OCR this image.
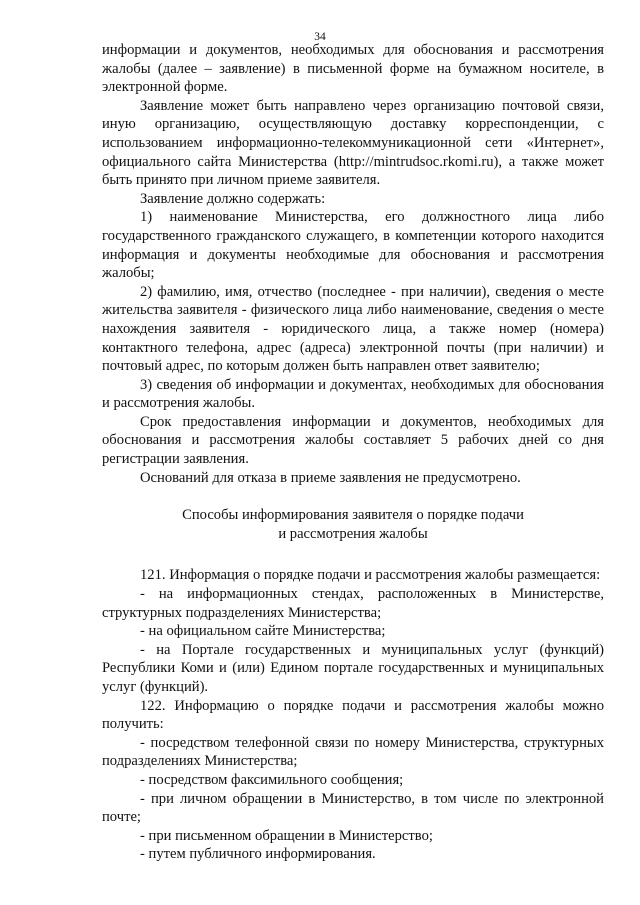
34

информации и документов, необходимых для обоснования и рассмотрения жалобы (далее – заявление) в письменной форме на бумажном носителе, в электронной форме.

Заявление может быть направлено через организацию почтовой связи, иную организацию, осуществляющую доставку корреспонденции, с использованием информационно-телекоммуникационной сети «Интернет», официального сайта Министерства (http://mintrudsoc.rkomi.ru), а также может быть принято при личном приеме заявителя.

Заявление должно содержать:

1) наименование Министерства, его должностного лица либо государственного гражданского служащего, в компетенции которого находится информация и документы необходимые для обоснования и рассмотрения жалобы;

2) фамилию, имя, отчество (последнее - при наличии), сведения о месте жительства заявителя - физического лица либо наименование, сведения о месте нахождения заявителя - юридического лица, а также номер (номера) контактного телефона, адрес (адреса) электронной почты (при наличии) и почтовый адрес, по которым должен быть направлен ответ заявителю;

3) сведения об информации и документах, необходимых для обоснования и рассмотрения жалобы.

Срок предоставления информации и документов, необходимых для обоснования и рассмотрения жалобы составляет 5 рабочих дней со дня регистрации заявления.

Оснований для отказа в приеме заявления не предусмотрено.

Способы информирования заявителя о порядке подачи
и рассмотрения жалобы

121. Информация о порядке подачи и рассмотрения жалобы размещается:

- на информационных стендах, расположенных в Министерстве, структурных подразделениях Министерства;

- на официальном сайте Министерства;

- на Портале государственных и муниципальных услуг (функций) Республики Коми и (или) Едином портале государственных и муниципальных услуг (функций).

122. Информацию о порядке подачи и рассмотрения жалобы можно получить:

- посредством телефонной связи по номеру Министерства, структурных подразделениях Министерства;

- посредством факсимильного сообщения;

- при личном обращении в Министерство, в том числе по электронной почте;

- при письменном обращении в Министерство;

- путем публичного информирования.
